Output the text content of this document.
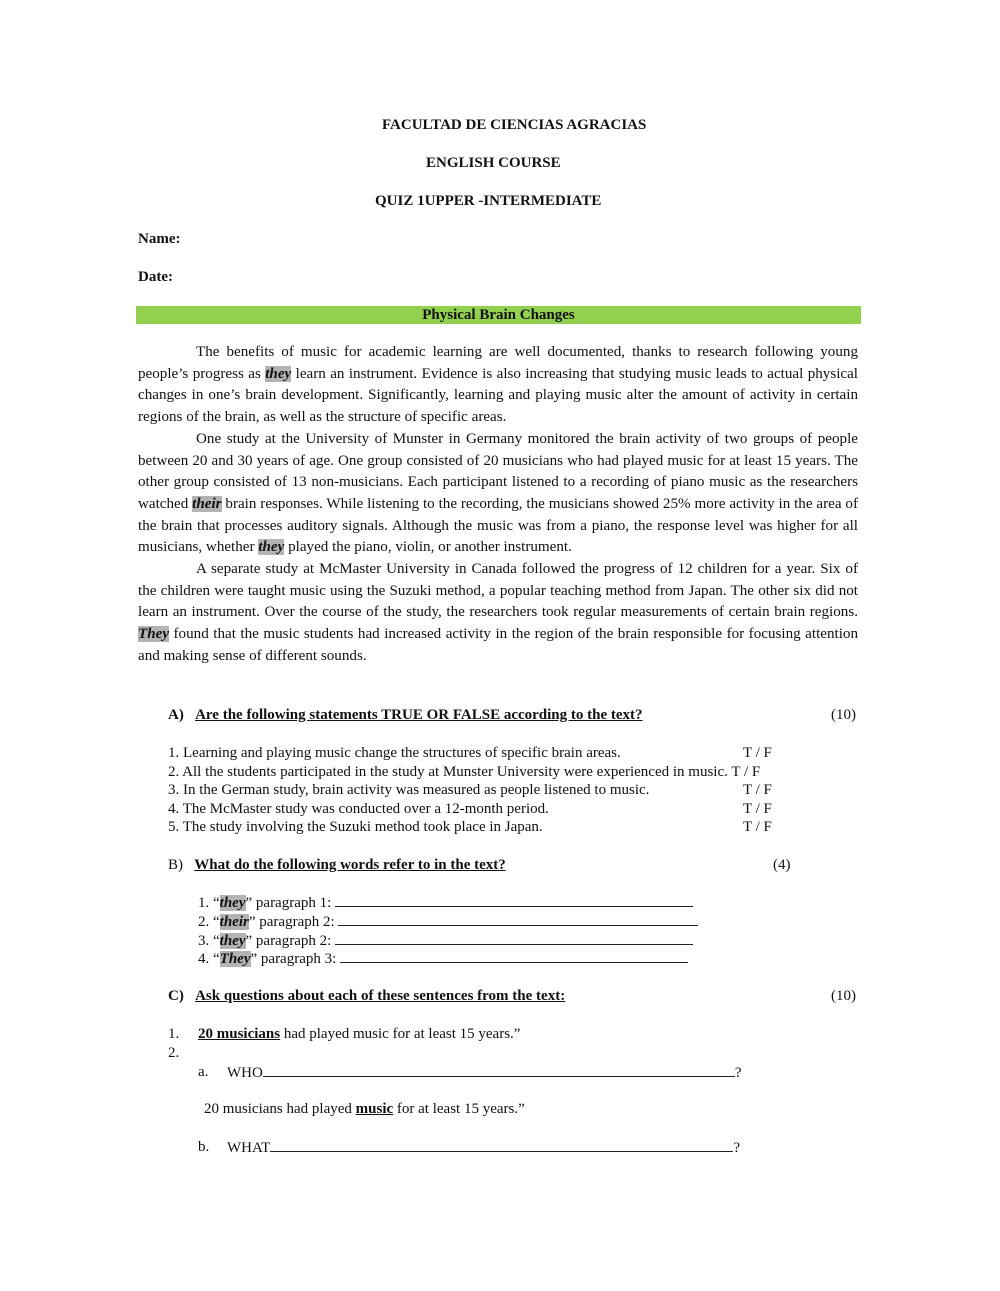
FACULTAD DE CIENCIAS AGRACIAS
ENGLISH COURSE
QUIZ 1UPPER -INTERMEDIATE
Name:
Date:
Physical Brain Changes

The benefits of music for academic learning are well documented, thanks to research following young people’s progress as they learn an instrument. Evidence is also increasing that studying music leads to actual physical changes in one’s brain development. Significantly, learning and playing music alter the amount of activity in certain regions of the brain, as well as the structure of specific areas.

One study at the University of Munster in Germany monitored the brain activity of two groups of people between 20 and 30 years of age. One group consisted of 20 musicians who had played music for at least 15 years. The other group consisted of 13 non-musicians. Each participant listened to a recording of piano music as the researchers watched their brain responses. While listening to the recording, the musicians showed 25% more activity in the area of the brain that processes auditory signals. Although the music was from a piano, the response level was higher for all musicians, whether they played the piano, violin, or another instrument.

A separate study at McMaster University in Canada followed the progress of 12 children for a year. Six of the children were taught music using the Suzuki method, a popular teaching method from Japan. The other six did not learn an instrument. Over the course of the study, the researchers took regular measurements of certain brain regions. They found that the music students had increased activity in the region of the brain responsible for focusing attention and making sense of different sounds.

A) Are the following statements TRUE OR FALSE according to the text?	(10)
1. Learning and playing music change the structures of specific brain areas.	T / F
2. All the students participated in the study at Munster University were experienced in music. T / F
3. In the German study, brain activity was measured as people listened to music.	T / F
4. The McMaster study was conducted over a 12-month period.	T / F
5. The study involving the Suzuki method took place in Japan.	T / F
B) What do the following words refer to in the text?	(4)
1. “they” paragraph 1:
2. “their” paragraph 2:
3. “they” paragraph 2:
4. “They” paragraph 3:
C) Ask questions about each of these sentences from the text:	(10)
1. 20 musicians had played music for at least 15 years.”
2.
a. WHO	?
20 musicians had played music for at least 15 years.”
b. WHAT	?
